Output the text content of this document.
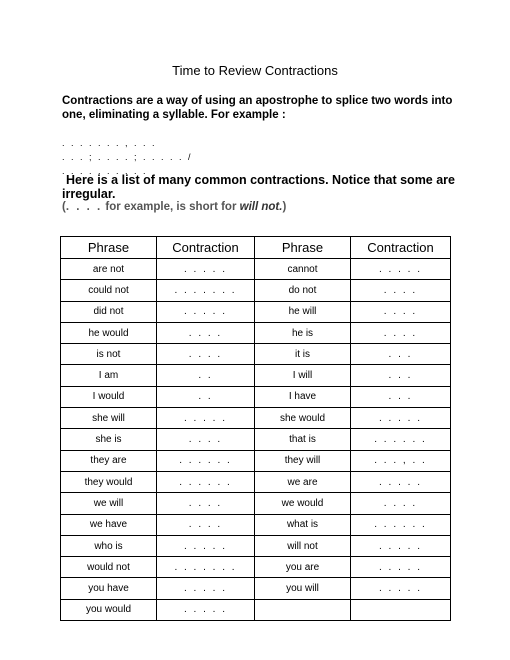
Time to Review Contractions
Contractions are a way of using an apostrophe to splice two words into one, eliminating a syllable. For example :
. . . . . . . , . . .
. . . ; . . . . ; . . . . . /
. . . . . . . . . .
Here is a list of many common contractions. Notice that some are irregular.
(. . . . for example, is short for will not.)
Phrase	Contraction	Phrase	Contraction
are not	. . . . .	cannot	. . . . .
could not	. . . . . . .	do not	. . . .
did not	. . . . .	he will	. . . .
he would	. . . .	he is	. . . .
is not	. . . .	it is	. . .
I am	. .	I will	. . .
I would	. .	I have	. . .
she will	. . . . .	she would	. . . . .
she is	. . . .	that is	. . . . . .
they are	. . . . . .	they will	. . . , . .
they would	. . . . . .	we are	. . . . .
we will	. . . .	we would	. . . .
we have	. . . .	what is	. . . . . .
who is	. . . . .	will not	. . . . .
would not	. . . . . . .	you are	. . . . .
you have	. . . . .	you will	. . . . .
you would	. . . . .		
